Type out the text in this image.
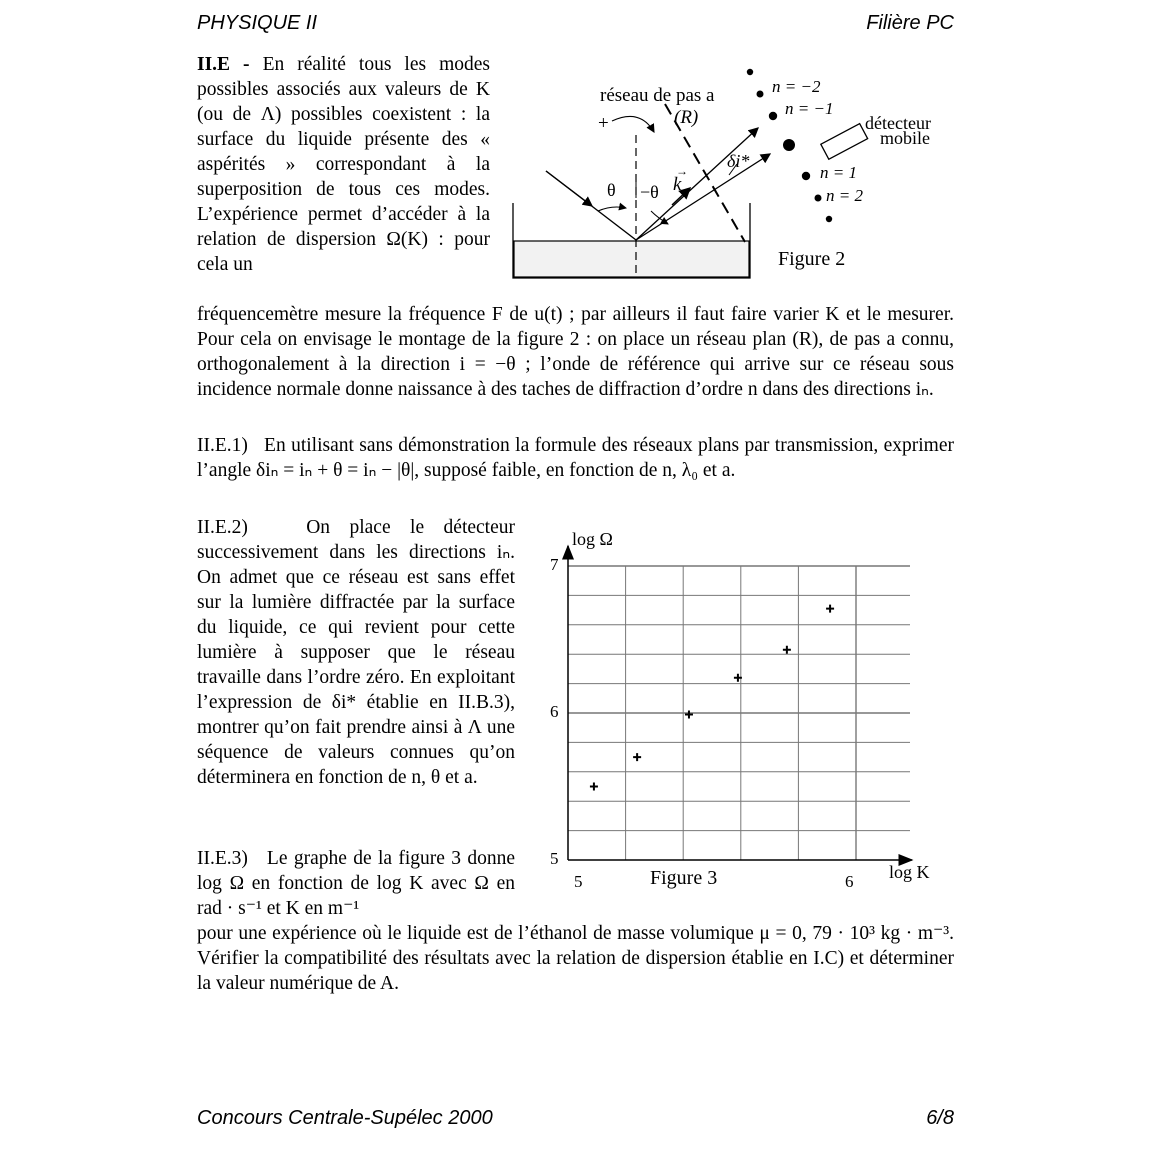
PHYSIQUE II	Filière PC

II.E - En réalité tous les modes possibles associés aux valeurs de K (ou de Λ) possibles coexistent : la surface du liquide présente des « aspérités » correspondant à la superposition de tous ces modes. L’expérience permet d’accéder à la relation de dispersion Ω(K) : pour cela un

fréquencemètre mesure la fréquence F de u(t) ; par ailleurs il faut faire varier K et le mesurer. Pour cela on envisage le montage de la figure 2 : on place un réseau plan (R), de pas a connu, orthogonalement à la direction i = −θ ; l’onde de référence qui arrive sur ce réseau sous incidence normale donne naissance à des taches de diffraction d’ordre n dans des directions iₙ.

II.E.1) En utilisant sans démonstration la formule des réseaux plans par transmission, exprimer l’angle δiₙ = iₙ + θ = iₙ − |θ|, supposé faible, en fonction de n, λ₀ et a.

II.E.2)	On place le détecteur successivement dans les directions iₙ. On admet que ce réseau est sans effet sur la lumière diffractée par la surface du liquide, ce qui revient pour cette lumière à supposer que le réseau travaille dans l’ordre zéro. En exploitant l’expression de δi* établie en II.B.3), montrer qu’on fait prendre ainsi à Λ une séquence de valeurs connues qu’on déterminera en fonction de n, θ et a.

II.E.3) Le graphe de la figure 3 donne log Ω en fonction de log K avec Ω en rad · s⁻¹ et K en m⁻¹

pour une expérience où le liquide est de l’éthanol de masse volumique μ = 0, 79 · 10³ kg · m⁻³. Vérifier la compatibilité des résultats avec la relation de dispersion établie en I.C) et déterminer la valeur numérique de A.

réseau de pas a
(R)
+
θ −θ k
→ δi*
n = −2
n = −1
n = 1
n = 2
détecteur
mobile
Figure 2
5
6
7
5	6
log Ω
log K
Figure 3
Concours Centrale-Supélec 2000	6/8
